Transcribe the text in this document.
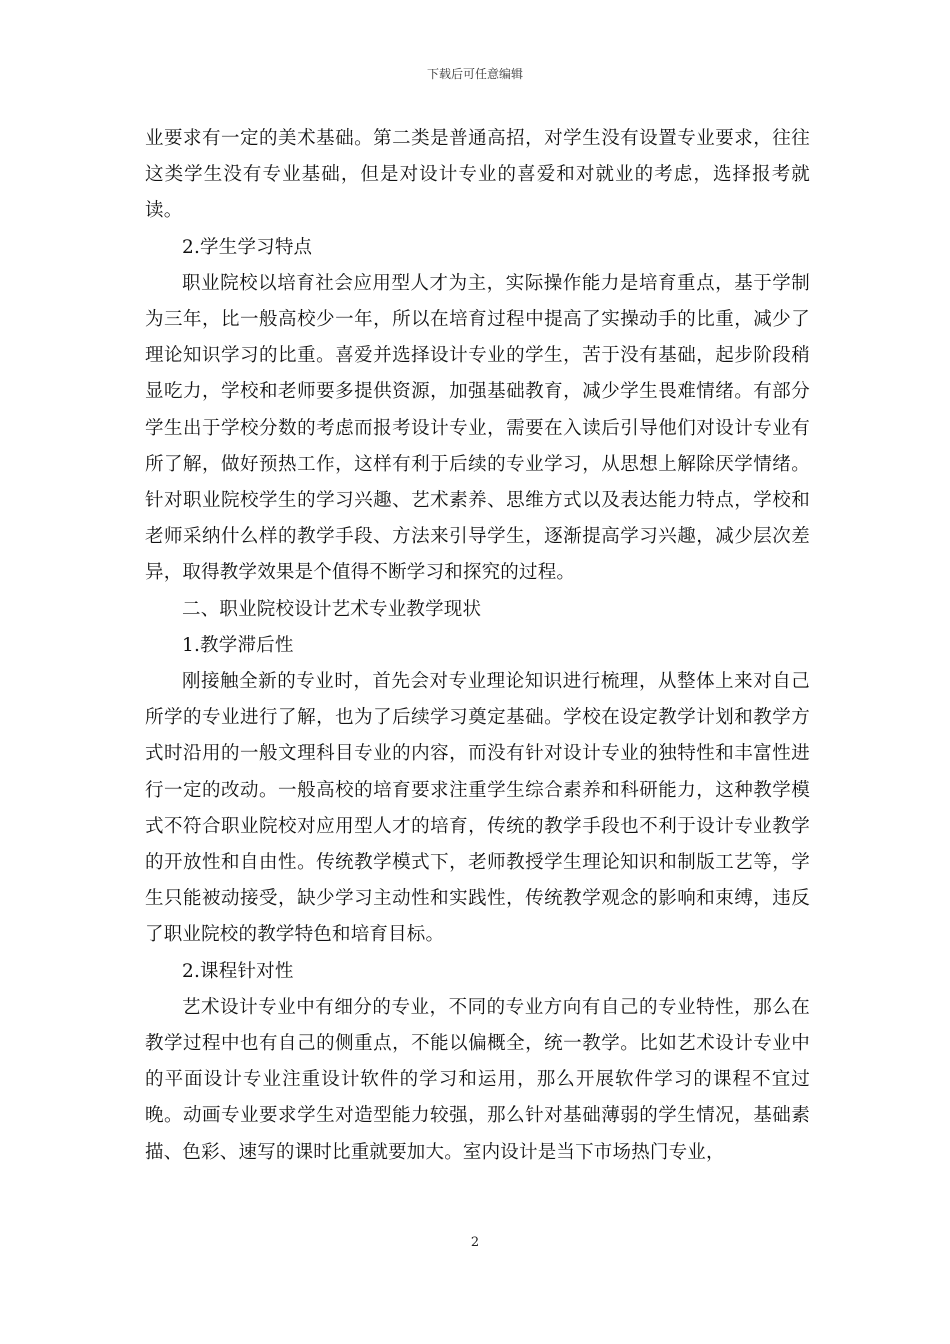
下载后可任意编辑

业要求有一定的美术基础。第二类是普通高招，对学生没有设置专业要求，往往这类学生没有专业基础，但是对设计专业的喜爱和对就业的考虑，选择报考就读。

2.学生学习特点

职业院校以培育社会应用型人才为主，实际操作能力是培育重点，基于学制为三年，比一般高校少一年，所以在培育过程中提高了实操动手的比重，减少了理论知识学习的比重。喜爱并选择设计专业的学生，苦于没有基础，起步阶段稍显吃力，学校和老师要多提供资源，加强基础教育，减少学生畏难情绪。有部分学生出于学校分数的考虑而报考设计专业，需要在入读后引导他们对设计专业有所了解，做好预热工作，这样有利于后续的专业学习，从思想上解除厌学情绪。针对职业院校学生的学习兴趣、艺术素养、思维方式以及表达能力特点，学校和老师采纳什么样的教学手段、方法来引导学生，逐渐提高学习兴趣，减少层次差异，取得教学效果是个值得不断学习和探究的过程。

二、职业院校设计艺术专业教学现状

1.教学滞后性

刚接触全新的专业时，首先会对专业理论知识进行梳理，从整体上来对自己所学的专业进行了解，也为了后续学习奠定基础。学校在设定教学计划和教学方式时沿用的一般文理科目专业的内容，而没有针对设计专业的独特性和丰富性进行一定的改动。一般高校的培育要求注重学生综合素养和科研能力，这种教学模式不符合职业院校对应用型人才的培育，传统的教学手段也不利于设计专业教学的开放性和自由性。传统教学模式下，老师教授学生理论知识和制版工艺等，学生只能被动接受，缺少学习主动性和实践性，传统教学观念的影响和束缚，违反了职业院校的教学特色和培育目标。

2.课程针对性

艺术设计专业中有细分的专业，不同的专业方向有自己的专业特性，那么在教学过程中也有自己的侧重点，不能以偏概全，统一教学。比如艺术设计专业中的平面设计专业注重设计软件的学习和运用，那么开展软件学习的课程不宜过晚。动画专业要求学生对造型能力较强，那么针对基础薄弱的学生情况，基础素描、色彩、速写的课时比重就要加大。室内设计是当下市场热门专业，

2
